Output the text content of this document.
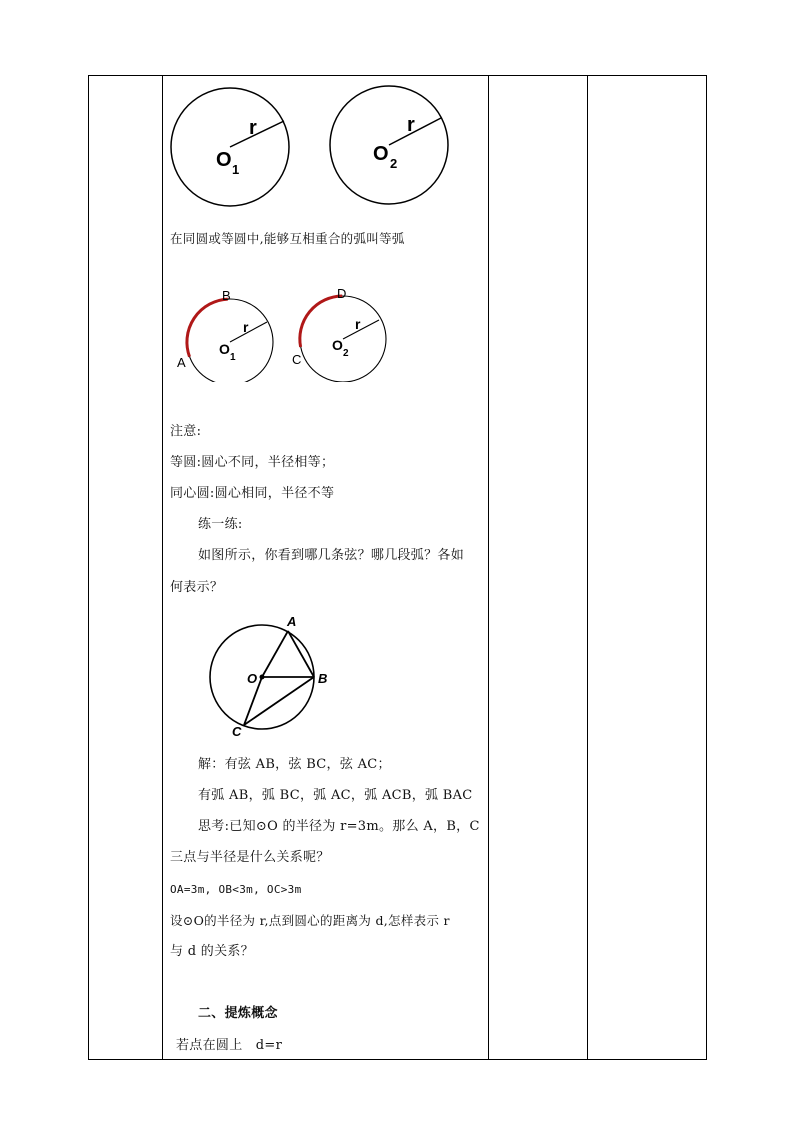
r
O 1
r
O 2
在同圆或等圆中,能够互相重合的弧叫等弧
B
A
r
O
1
D
C
r
O
2
注意:
等圆:圆心不同，半径相等；
同心圆:圆心相同，半径不等
练一练:
如图所示，你看到哪几条弦？哪几段弧？各如
何表示？
A
B
C
O
解：有弦 AB，弦 BC，弦 AC；
有弧 AB，弧 BC，弧 AC，弧 ACB，弧 BAC
思考:已知⊙O 的半径为 r=3m。那么 A，B，C
三点与半径是什么关系呢？
OA=3m, OB<3m, OC>3m
设⊙O的半径为 r,点到圆心的距离为 d,怎样表示 r
与 d 的关系？
二、提炼概念
若点在圆上   d=r
